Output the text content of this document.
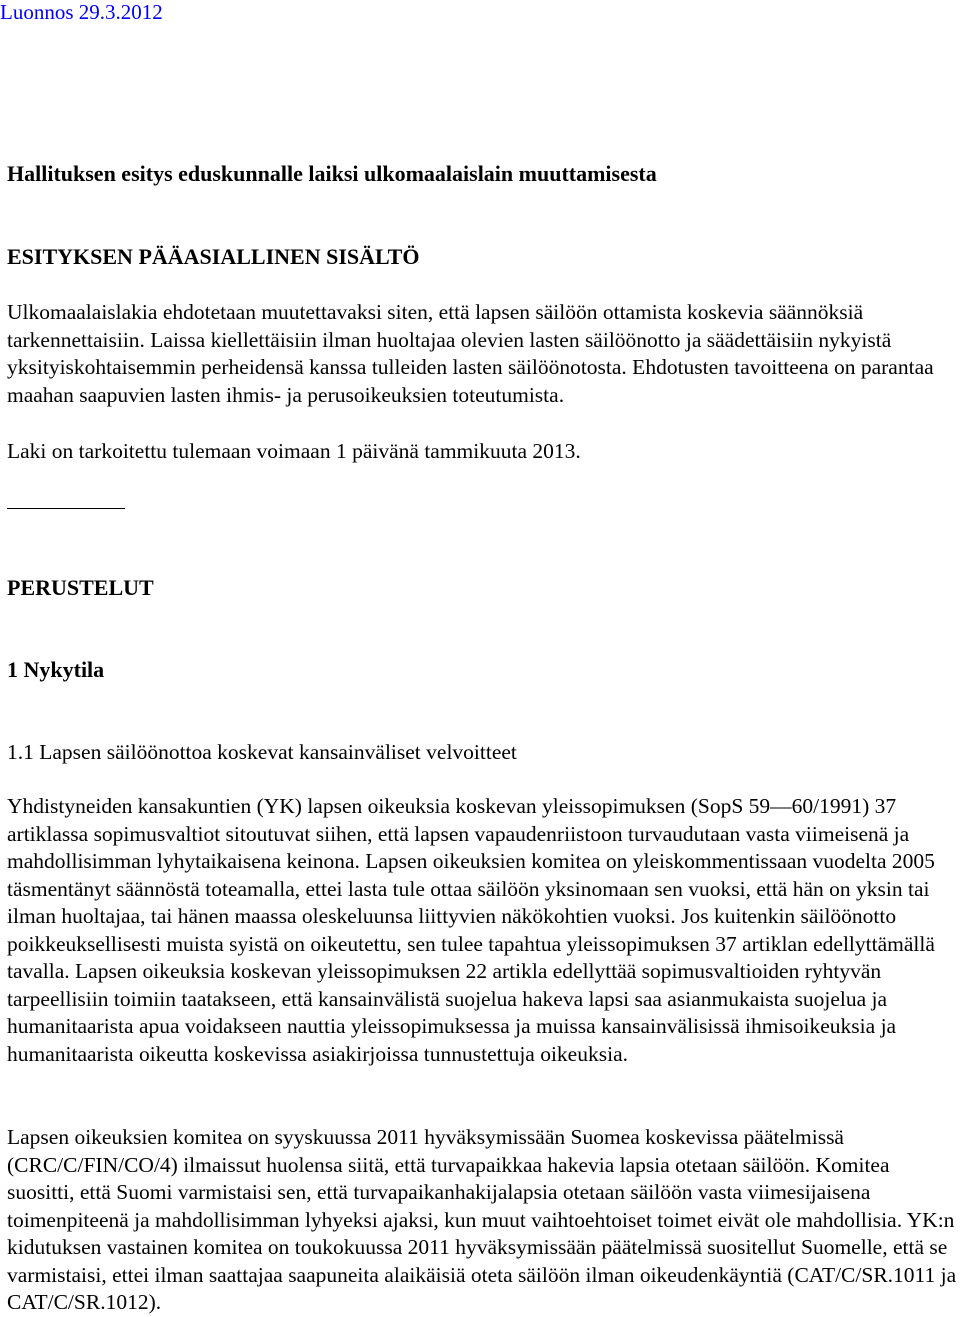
Luonnos 29.3.2012
Hallituksen esitys eduskunnalle laiksi ulkomaalaislain muuttamisesta
ESITYKSEN PÄÄASIALLINEN SISÄLTÖ

Ulkomaalaislakia ehdotetaan muutettavaksi siten, että lapsen säilöön ottamista koskevia säännöksiä tarkennettaisiin. Laissa kiellettäisiin ilman huoltajaa olevien lasten säilöönotto ja säädettäisiin nykyistä yksityiskohtaisemmin perheidensä kanssa tulleiden lasten säilöönotosta. Ehdotusten tavoitteena on parantaa maahan saapuvien lasten ihmis- ja perusoikeuksien toteutumista.

Laki on tarkoitettu tulemaan voimaan 1 päivänä tammikuuta 2013.

PERUSTELUT
1 Nykytila
1.1 Lapsen säilöönottoa koskevat kansainväliset velvoitteet

Yhdistyneiden kansakuntien (YK) lapsen oikeuksia koskevan yleissopimuksen (SopS 59—60/1991) 37 artiklassa sopimusvaltiot sitoutuvat siihen, että lapsen vapaudenriistoon turvaudutaan vasta viimeisenä ja mahdollisimman lyhytaikaisena keinona. Lapsen oikeuksien komitea on yleiskommentissaan vuodelta 2005 täsmentänyt säännöstä toteamalla, ettei lasta tule ottaa säilöön yksinomaan sen vuoksi, että hän on yksin tai ilman huoltajaa, tai hänen maassa oleskeluunsa liittyvien näkökohtien vuoksi. Jos kuitenkin säilöönotto poikkeuksellisesti muista syistä on oikeutettu, sen tulee tapahtua yleissopimuksen 37 artiklan edellyttämällä tavalla. Lapsen oikeuksia koskevan yleissopimuksen 22 artikla edellyttää sopimusvaltioiden ryhtyvän tarpeellisiin toimiin taatakseen, että kansainvälistä suojelua hakeva lapsi saa asianmukaista suojelua ja humanitaarista apua voidakseen nauttia yleissopimuksessa ja muissa kansainvälisissä ihmisoikeuksia ja humanitaarista oikeutta koskevissa asiakirjoissa tunnustettuja oikeuksia.

Lapsen oikeuksien komitea on syyskuussa 2011 hyväksymissään Suomea koskevissa päätelmissä (CRC/C/FIN/CO/4) ilmaissut huolensa siitä, että turvapaikkaa hakevia lapsia otetaan säilöön. Komitea suositti, että Suomi varmistaisi sen, että turvapaikanhakijalapsia otetaan säilöön vasta viimesijaisena toimenpiteenä ja mahdollisimman lyhyeksi ajaksi, kun muut vaihtoehtoiset toimet eivät ole mahdollisia. YK:n kidutuksen vastainen komitea on toukokuussa 2011 hyväksymissään päätelmissä suositellut Suomelle, että se varmistaisi, ettei ilman saattajaa saapuneita alaikäisiä oteta säilöön ilman oikeudenkäyntiä (CAT/C/SR.1011 ja CAT/C/SR.1012).
